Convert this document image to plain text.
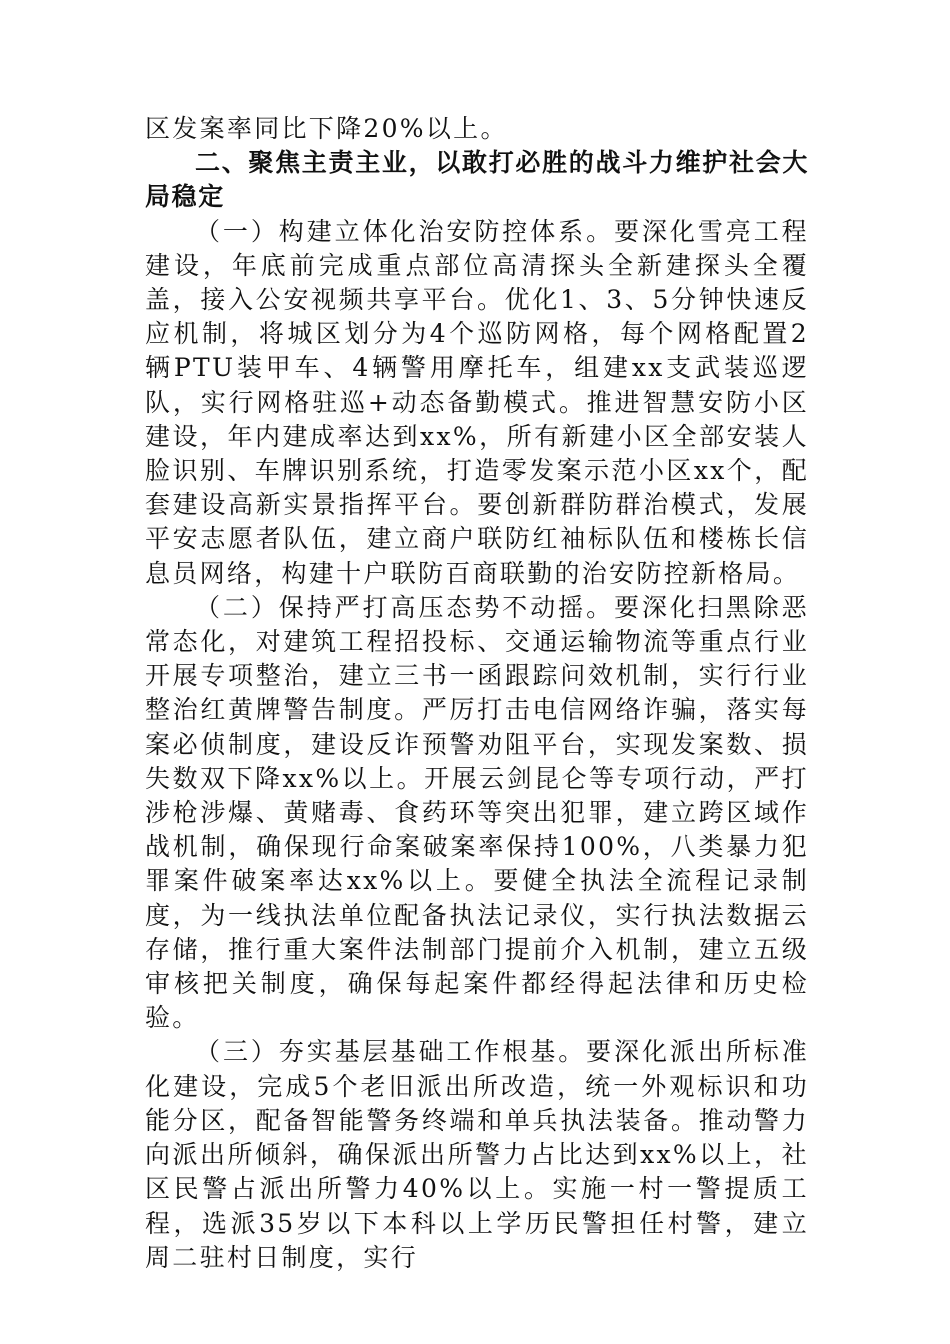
区发案率同比下降20%以上。

二、聚焦主责主业，以敢打必胜的战斗力维护社会大局稳定

（一）构建立体化治安防控体系。要深化雪亮工程建设，年底前完成重点部位高清探头全新建探头全覆盖，接入公安视频共享平台。优化1、3、5分钟快速反应机制，将城区划分为4个巡防网格，每个网格配置2辆PTU装甲车、4辆警用摩托车，组建xx支武装巡逻队，实行网格驻巡+动态备勤模式。推进智慧安防小区建设，年内建成率达到xx%，所有新建小区全部安装人脸识别、车牌识别系统，打造零发案示范小区xx个，配套建设高新实景指挥平台。要创新群防群治模式，发展平安志愿者队伍，建立商户联防红袖标队伍和楼栋长信息员网络，构建十户联防百商联勤的治安防控新格局。

（二）保持严打高压态势不动摇。要深化扫黑除恶常态化，对建筑工程招投标、交通运输物流等重点行业开展专项整治，建立三书一函跟踪问效机制，实行行业整治红黄牌警告制度。严厉打击电信网络诈骗，落实每案必侦制度，建设反诈预警劝阻平台，实现发案数、损失数双下降xx%以上。开展云剑昆仑等专项行动，严打涉枪涉爆、黄赌毒、食药环等突出犯罪，建立跨区域作战机制，确保现行命案破案率保持100%，八类暴力犯罪案件破案率达xx%以上。要健全执法全流程记录制度，为一线执法单位配备执法记录仪，实行执法数据云存储，推行重大案件法制部门提前介入机制，建立五级审核把关制度，确保每起案件都经得起法律和历史检验。

（三）夯实基层基础工作根基。要深化派出所标准化建设，完成5个老旧派出所改造，统一外观标识和功能分区，配备智能警务终端和单兵执法装备。推动警力向派出所倾斜，确保派出所警力占比达到xx%以上，社区民警占派出所警力40%以上。实施一村一警提质工程，选派35岁以下本科以上学历民警担任村警，建立周二驻村日制度，实行
